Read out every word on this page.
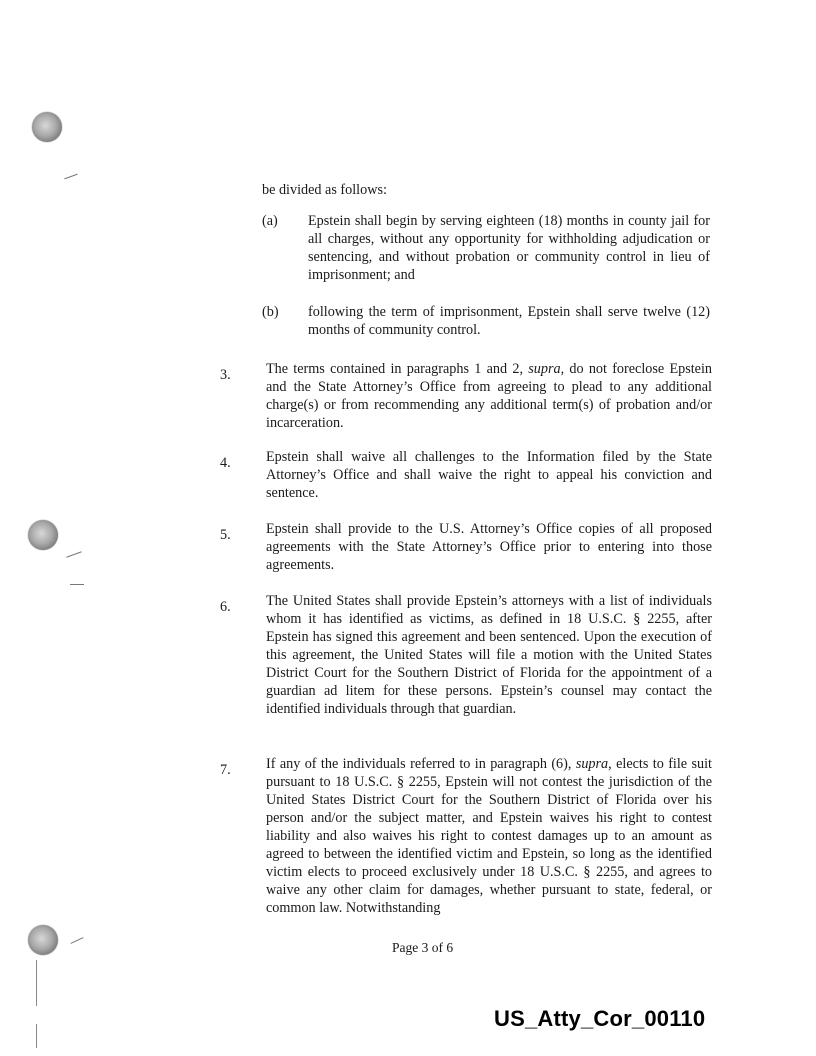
be divided as follows:
(a) Epstein shall begin by serving eighteen (18) months in county jail for all charges, without any opportunity for withholding adjudication or sentencing, and without probation or community control in lieu of imprisonment; and
(b) following the term of imprisonment, Epstein shall serve twelve (12) months of community control.
3. The terms contained in paragraphs 1 and 2, supra, do not foreclose Epstein and the State Attorney’s Office from agreeing to plead to any additional charge(s) or from recommending any additional term(s) of probation and/or incarceration.
4. Epstein shall waive all challenges to the Information filed by the State Attorney’s Office and shall waive the right to appeal his conviction and sentence.
5. Epstein shall provide to the U.S. Attorney’s Office copies of all proposed agreements with the State Attorney’s Office prior to entering into those agreements.
6. The United States shall provide Epstein’s attorneys with a list of individuals whom it has identified as victims, as defined in 18 U.S.C. § 2255, after Epstein has signed this agreement and been sentenced. Upon the execution of this agreement, the United States will file a motion with the United States District Court for the Southern District of Florida for the appointment of a guardian ad litem for these persons. Epstein’s counsel may contact the identified individuals through that guardian.
7. If any of the individuals referred to in paragraph (6), supra, elects to file suit pursuant to 18 U.S.C. § 2255, Epstein will not contest the jurisdiction of the United States District Court for the Southern District of Florida over his person and/or the subject matter, and Epstein waives his right to contest liability and also waives his right to contest damages up to an amount as agreed to between the identified victim and Epstein, so long as the identified victim elects to proceed exclusively under 18 U.S.C. § 2255, and agrees to waive any other claim for damages, whether pursuant to state, federal, or common law. Notwithstanding
Page 3 of 6
US_Atty_Cor_00110
